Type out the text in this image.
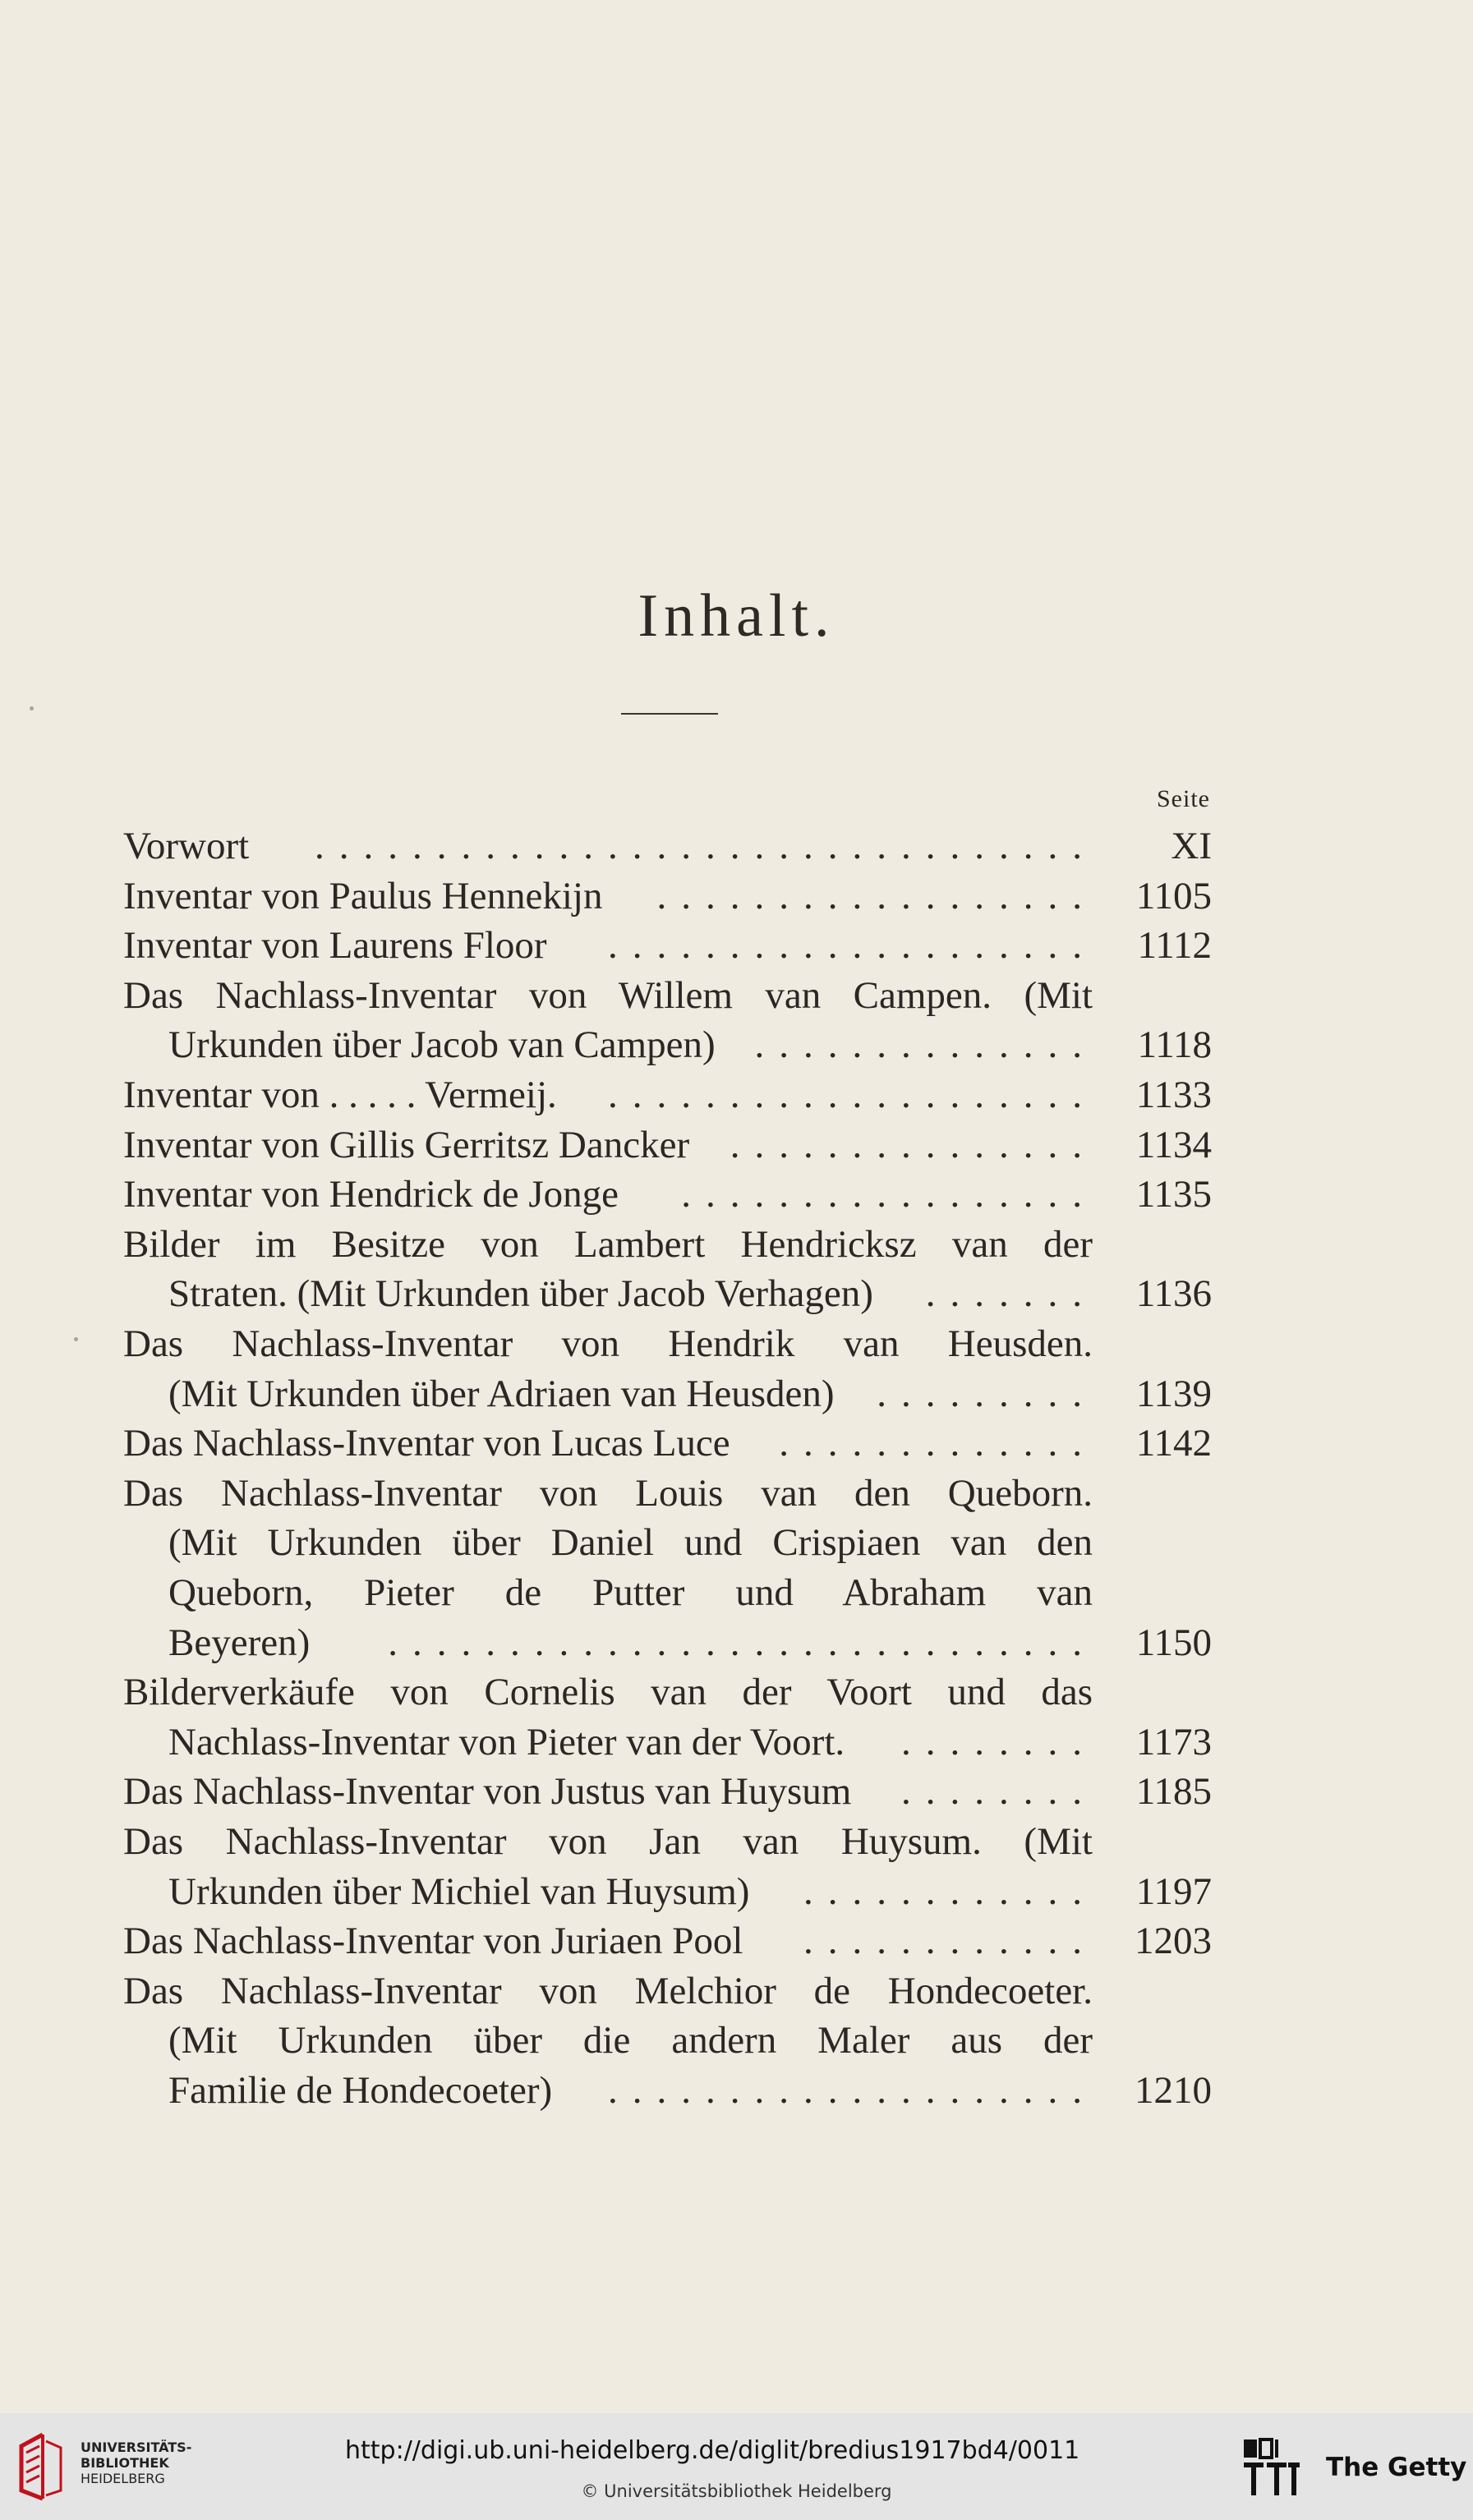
Inhalt.
Seite
Vorwort ................................	XI
Inventar von Paulus Hennekijn ..................	1105
Inventar von Laurens Floor ....................	1112
Das Nachlass-Inventar von Willem van Campen. (Mit
Urkunden über Jacob van Campen) ..............	1118
Inventar von . . . . . Vermeij. ....................	1133
Inventar von Gillis Gerritsz Dancker ...............	1134
Inventar von Hendrick de Jonge .................	1135
Bilder im Besitze von Lambert Hendricksz van der
Straten. (Mit Urkunden über Jacob Verhagen) .......	1136
Das Nachlass-Inventar von Hendrik van Heusden.
(Mit Urkunden über Adriaen van Heusden) .........	1139
Das Nachlass-Inventar von Lucas Luce .............	1142
Das Nachlass-Inventar von Louis van den Queborn.
(Mit Urkunden über Daniel und Crispiaen van den
Queborn, Pieter de Putter und Abraham van
Beyeren) .............................	1150
Bilderverkäufe von Cornelis van der Voort und das
Nachlass-Inventar von Pieter van der Voort. ........	1173
Das Nachlass-Inventar von Justus van Huysum ........	1185
Das Nachlass-Inventar von Jan van Huysum. (Mit
Urkunden über Michiel van Huysum) ............	1197
Das Nachlass-Inventar von Juriaen Pool ............ 1203
Das Nachlass-Inventar von Melchior de Hondecoeter.
(Mit Urkunden über die andern Maler aus der
Familie de Hondecoeter) .................... 1210
UNIVERSITÄTS-
BIBLIOTHEK
HEIDELBERG
http://digi.ub.uni-heidelberg.de/diglit/bredius1917bd4/0011
© Universitätsbibliothek Heidelberg
The Getty
